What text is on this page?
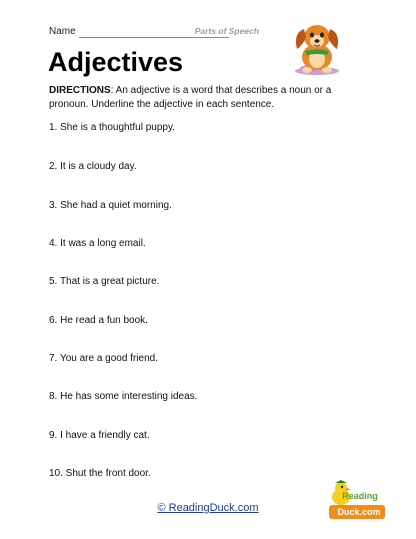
Name	Parts of Speech
Adjectives

DIRECTIONS: An adjective is a word that describes a noun or a pronoun. Underline the adjective in each sentence.

1. She is a thoughtful puppy.
2. It is a cloudy day.
3. She had a quiet morning.
4. It was a long email.
5. That is a great picture.
6. He read a fun book.
7. You are a good friend.
8. He has some interesting ideas.
9. I have a friendly cat.
10. Shut the front door.
© ReadingDuck.com
Reading
Duck.com
